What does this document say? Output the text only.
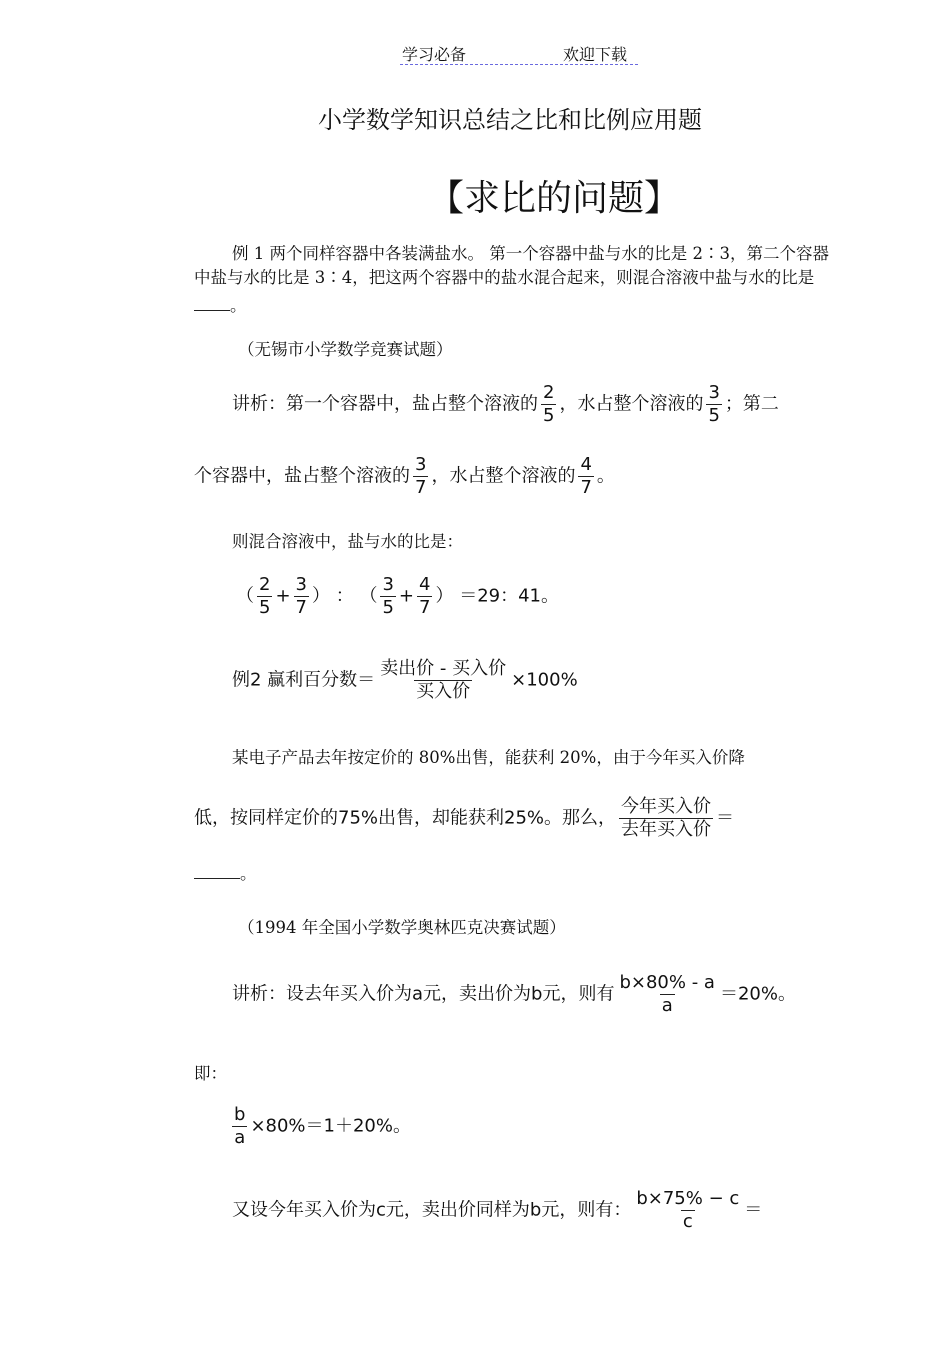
学习必备	欢迎下载
小学数学知识总结之比和比例应用题
【求比的问题】
例 1 两个同样容器中各装满盐水。 第一个容器中盐与水的比是 2∶3，第二个容器
中盐与水的比是 3∶4，把这两个容器中的盐水混合起来，则混合溶液中盐与水的比是
。
（无锡市小学数学竞赛试题）
讲析：第一个容器中，盐占整个溶液的 $\frac{2}{5}$ ，水占整个溶液的 $\frac{3}{5}$ ；第二
个容器中，盐占整个溶液的 $\frac{3}{7}$ ，水占整个溶液的 $\frac{4}{7}$ 。
则混合溶液中，盐与水的比是：
（ $\frac{2}{5} + \frac{3}{7}$ ） ： （ $\frac{3}{5} + \frac{4}{7}$ ） ＝29：41。
例2 赢利百分数＝ $\frac{\text{卖出价 - 买入价}}{\text{买入价}} \times 100\%$
某电子产品去年按定价的 80%出售，能获利 20%，由于今年买入价降
低，按同样定价的75%出售，却能获利25%。那么， $\frac{\text{今年买入价}}{\text{去年买入价}}$ ＝
。
（1994 年全国小学数学奥林匹克决赛试题）
讲析：设去年买入价为a元，卖出价为b元，则有 $\frac{b\times 80\% - a}{a} =20\%$。
即：
$\frac{b}{a} \times 80\%=1+20\%$。
又设今年买入价为c元，卖出价同样为b元，则有： $\frac{b\times 75\% - c}{c}$ ＝
